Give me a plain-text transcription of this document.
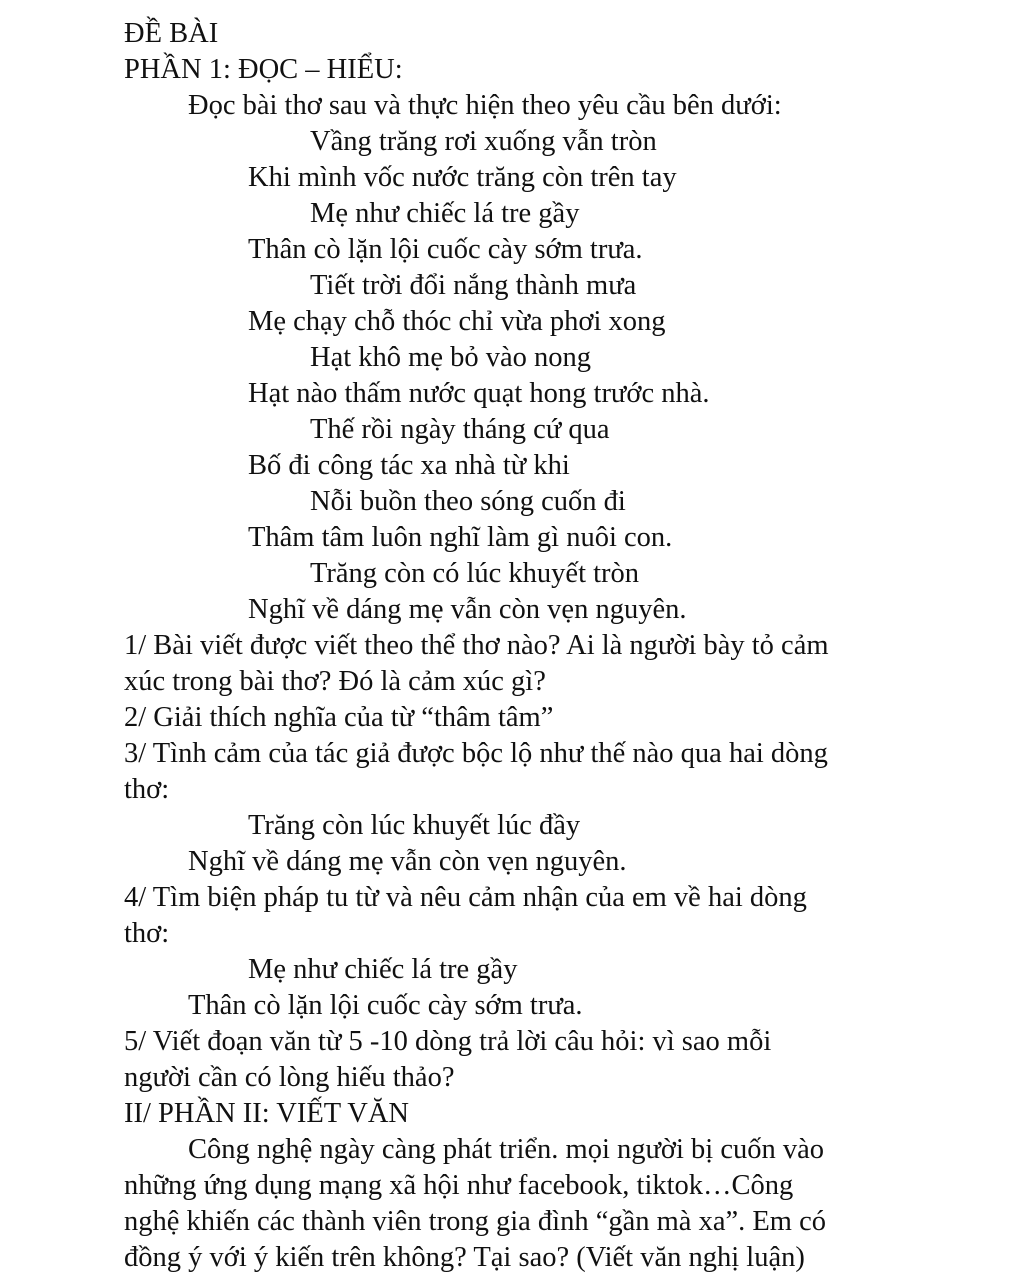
ĐỀ BÀI
PHẦN 1: ĐỌC – HIỂU:
Đọc bài thơ sau và thực hiện theo yêu cầu bên dưới:
Vầng trăng rơi xuống vẫn tròn
Khi mình vốc nước trăng còn trên tay
Mẹ như chiếc lá tre gầy
Thân cò lặn lội cuốc cày sớm trưa.
Tiết trời đổi nắng thành mưa
Mẹ chạy chỗ thóc chỉ vừa phơi xong
Hạt khô mẹ bỏ vào nong
Hạt nào thấm nước quạt hong trước nhà.
Thế rồi ngày tháng cứ qua
Bố đi công tác xa nhà từ khi
Nỗi buồn theo sóng cuốn đi
Thâm tâm luôn nghĩ làm gì nuôi con.
Trăng còn có lúc khuyết tròn
Nghĩ về dáng mẹ vẫn còn vẹn nguyên.
1/ Bài viết được viết theo thể thơ nào? Ai là người bày tỏ cảm
xúc trong bài thơ? Đó là cảm xúc gì?
2/ Giải thích nghĩa của từ “thâm tâm”
3/ Tình cảm của tác giả được bộc lộ như thế nào qua hai dòng
thơ:
Trăng còn lúc khuyết lúc đầy
Nghĩ về dáng mẹ vẫn còn vẹn nguyên.
4/ Tìm biện pháp tu từ và nêu cảm nhận của em về hai dòng
thơ:
Mẹ như chiếc lá tre gầy
Thân cò lặn lội cuốc cày sớm trưa.
5/ Viết đoạn văn từ 5 -10 dòng trả lời câu hỏi: vì sao mỗi
người cần có lòng hiếu thảo?
II/ PHẦN II: VIẾT VĂN
Công nghệ ngày càng phát triển. mọi người bị cuốn vào
những ứng dụng mạng xã hội như facebook, tiktok…Công
nghệ khiến các thành viên trong gia đình “gần mà xa”. Em có
đồng ý với ý kiến trên không? Tại sao? (Viết văn nghị luận)
